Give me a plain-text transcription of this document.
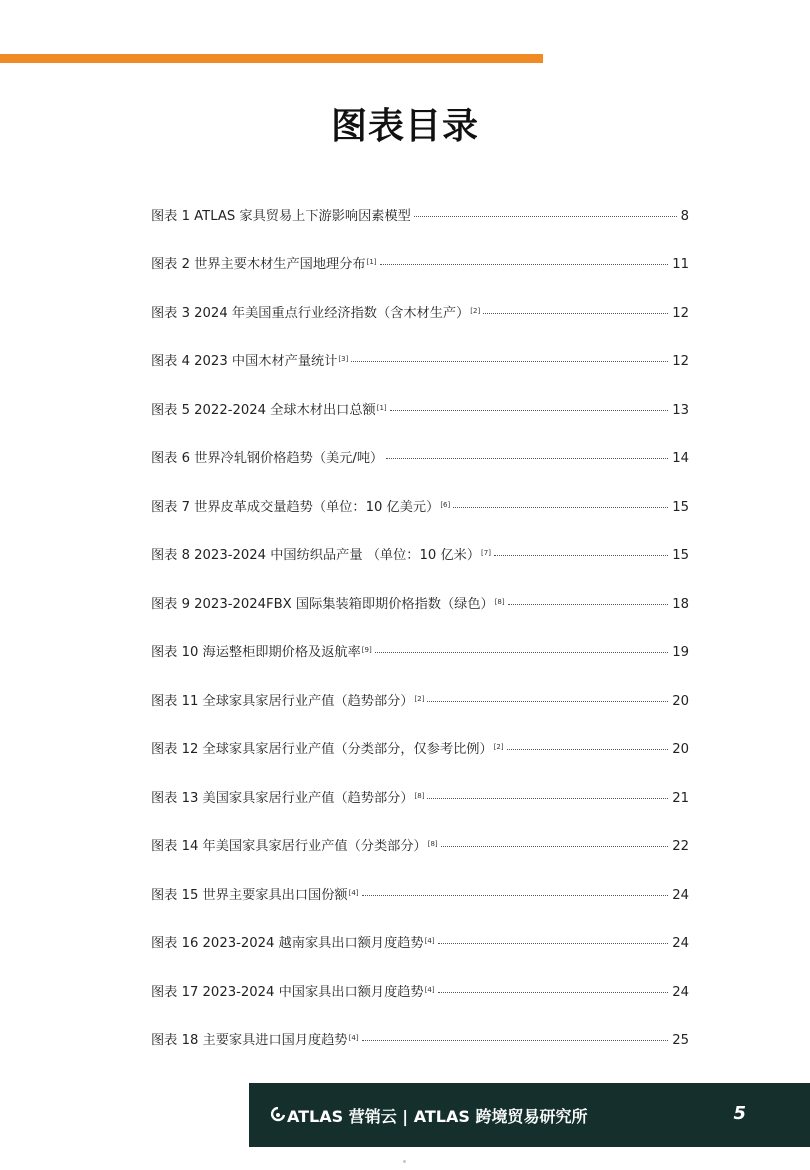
图表目录
图表 1 ATLAS 家具贸易上下游影响因素模型	8
图表 2 世界主要木材生产国地理分布 [1]	11
图表 3 2024 年美国重点行业经济指数（含木材生产） [2]	12
图表 4 2023 中国木材产量统计 [3]	12
图表 5 2022-2024 全球木材出口总额 [1]	13
图表 6 世界冷轧钢价格趋势（美元/吨）	14
图表 7 世界皮革成交量趋势（单位：10 亿美元） [6]	15
图表 8 2023-2024 中国纺织品产量 （单位：10 亿米） [7]	15
图表 9 2023-2024FBX 国际集装箱即期价格指数（绿色） [8]	18
图表 10 海运整柜即期价格及返航率 [9]	19
图表 11 全球家具家居行业产值（趋势部分） [2]	20
图表 12 全球家具家居行业产值（分类部分，仅参考比例） [2]	20
图表 13 美国家具家居行业产值（趋势部分） [8]	21
图表 14 年美国家具家居行业产值（分类部分） [8]	22
图表 15 世界主要家具出口国份额 [4]	24
图表 16 2023-2024 越南家具出口额月度趋势 [4]	24
图表 17 2023-2024 中国家具出口额月度趋势 [4]	24
图表 18 主要家具进口国月度趋势 [4]	25
ATLAS 营销云 | ATLAS 跨境贸易研究所	5
